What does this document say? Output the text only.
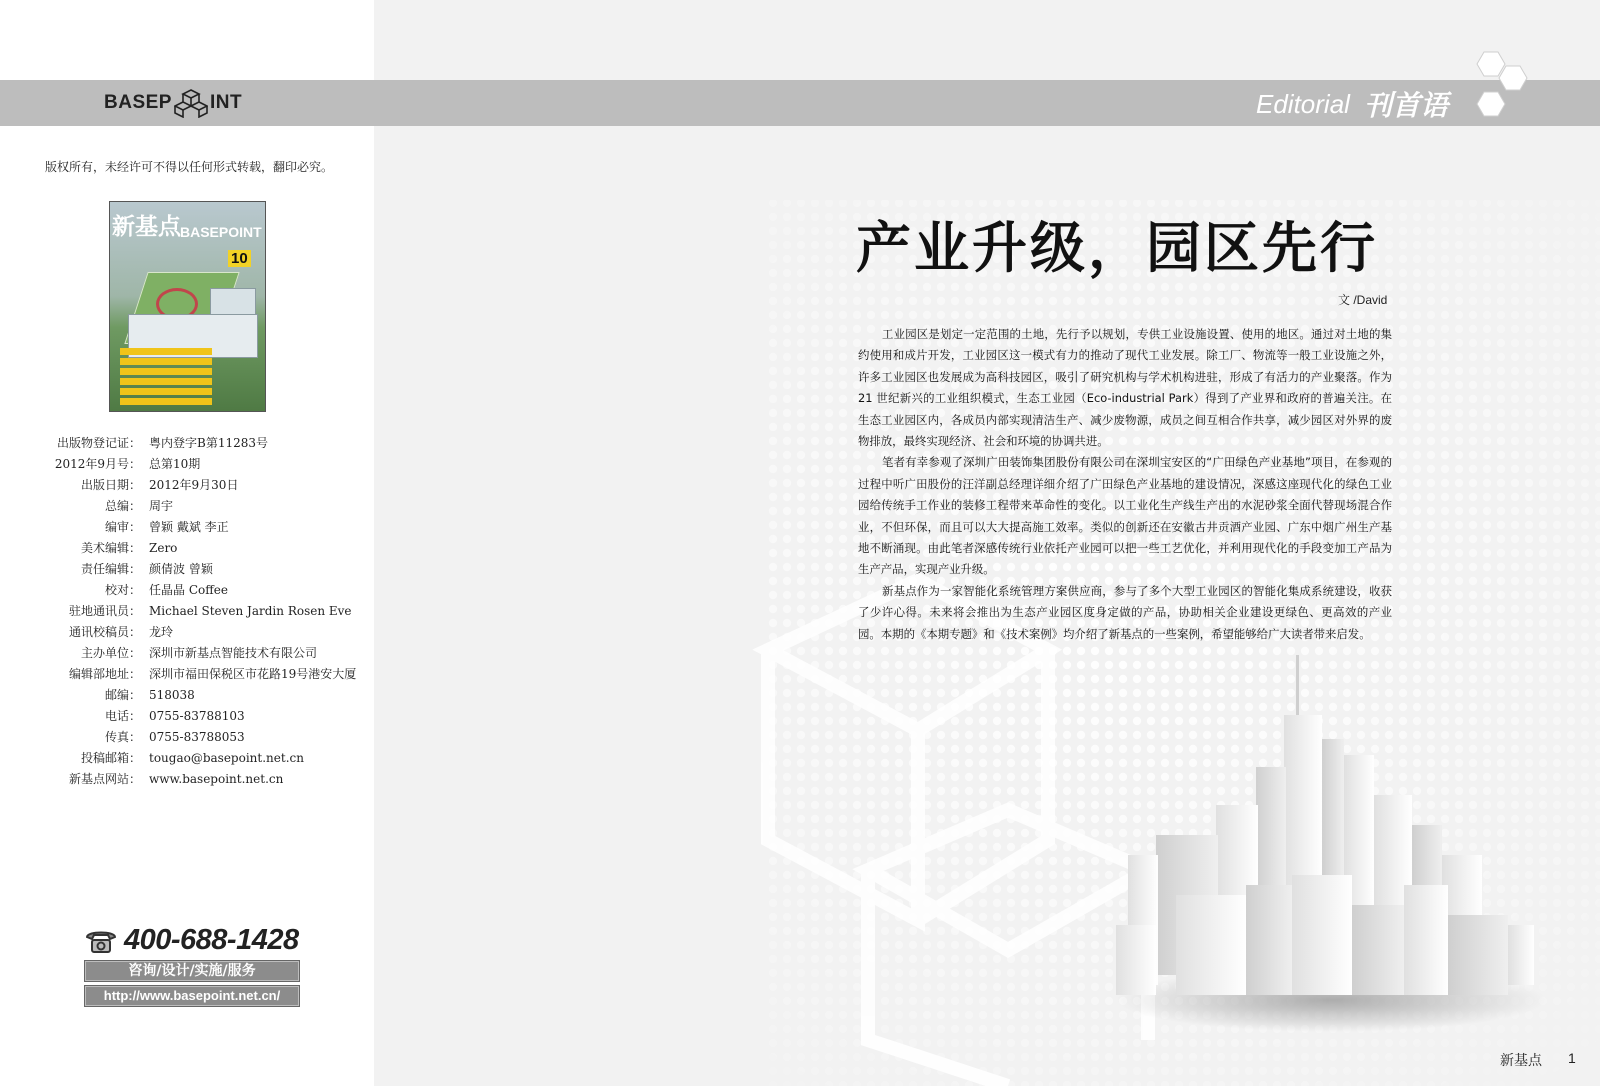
BASEP INT	Editorial 刊首语
版权所有，未经许可不得以任何形式转载，翻印必究。
新基点 BASEPOINT
10
出版物登记证： 粤内登字B第11283号
2012年9月号： 总第10期
出版日期： 2012年9月30日
总编： 周宇
编审： 曾颖 戴斌 李正
美术编辑： Zero
责任编辑： 颜倩波 曾颖
校对： 任晶晶 Coffee
驻地通讯员： Michael Steven Jardin Rosen Eve
通讯校稿员： 龙玲
主办单位： 深圳市新基点智能技术有限公司
编辑部地址： 深圳市福田保税区市花路19号港安大厦
邮编： 518038
电话： 0755-83788103
传真： 0755-83788053
投稿邮箱： tougao@basepoint.net.cn
新基点网站： www.basepoint.net.cn
400-688-1428
咨询/设计/实施/服务
http://www.basepoint.net.cn/
产业升级，园区先行
文 /David

工业园区是划定一定范围的土地，先行予以规划，专供工业设施设置、使用的地区。通过对土地的集约使用和成片开发，工业园区这一模式有力的推动了现代工业发展。除工厂、物流等一般工业设施之外，许多工业园区也发展成为高科技园区，吸引了研究机构与学术机构进驻，形成了有活力的产业聚落。作为 21 世纪新兴的工业组织模式，生态工业园（Eco-industrial Park）得到了产业界和政府的普遍关注。在生态工业园区内，各成员内部实现清洁生产、减少废物源，成员之间互相合作共享，减少园区对外界的废物排放，最终实现经济、社会和环境的协调共进。

笔者有幸参观了深圳广田装饰集团股份有限公司在深圳宝安区的“广田绿色产业基地”项目，在参观的过程中听广田股份的汪洋副总经理详细介绍了广田绿色产业基地的建设情况，深感这座现代化的绿色工业园给传统手工作业的装修工程带来革命性的变化。以工业化生产线生产出的水泥砂浆全面代替现场混合作业，不但环保，而且可以大大提高施工效率。类似的创新还在安徽古井贡酒产业园、广东中烟广州生产基地不断涌现。由此笔者深感传统行业依托产业园可以把一些工艺优化，并利用现代化的手段变加工产品为生产产品，实现产业升级。

新基点作为一家智能化系统管理方案供应商，参与了多个大型工业园区的智能化集成系统建设，收获了少许心得。未来将会推出为生态产业园区度身定做的产品，协助相关企业建设更绿色、更高效的产业园。本期的《本期专题》和《技术案例》均介绍了新基点的一些案例，希望能够给广大读者带来启发。

新基点 1
